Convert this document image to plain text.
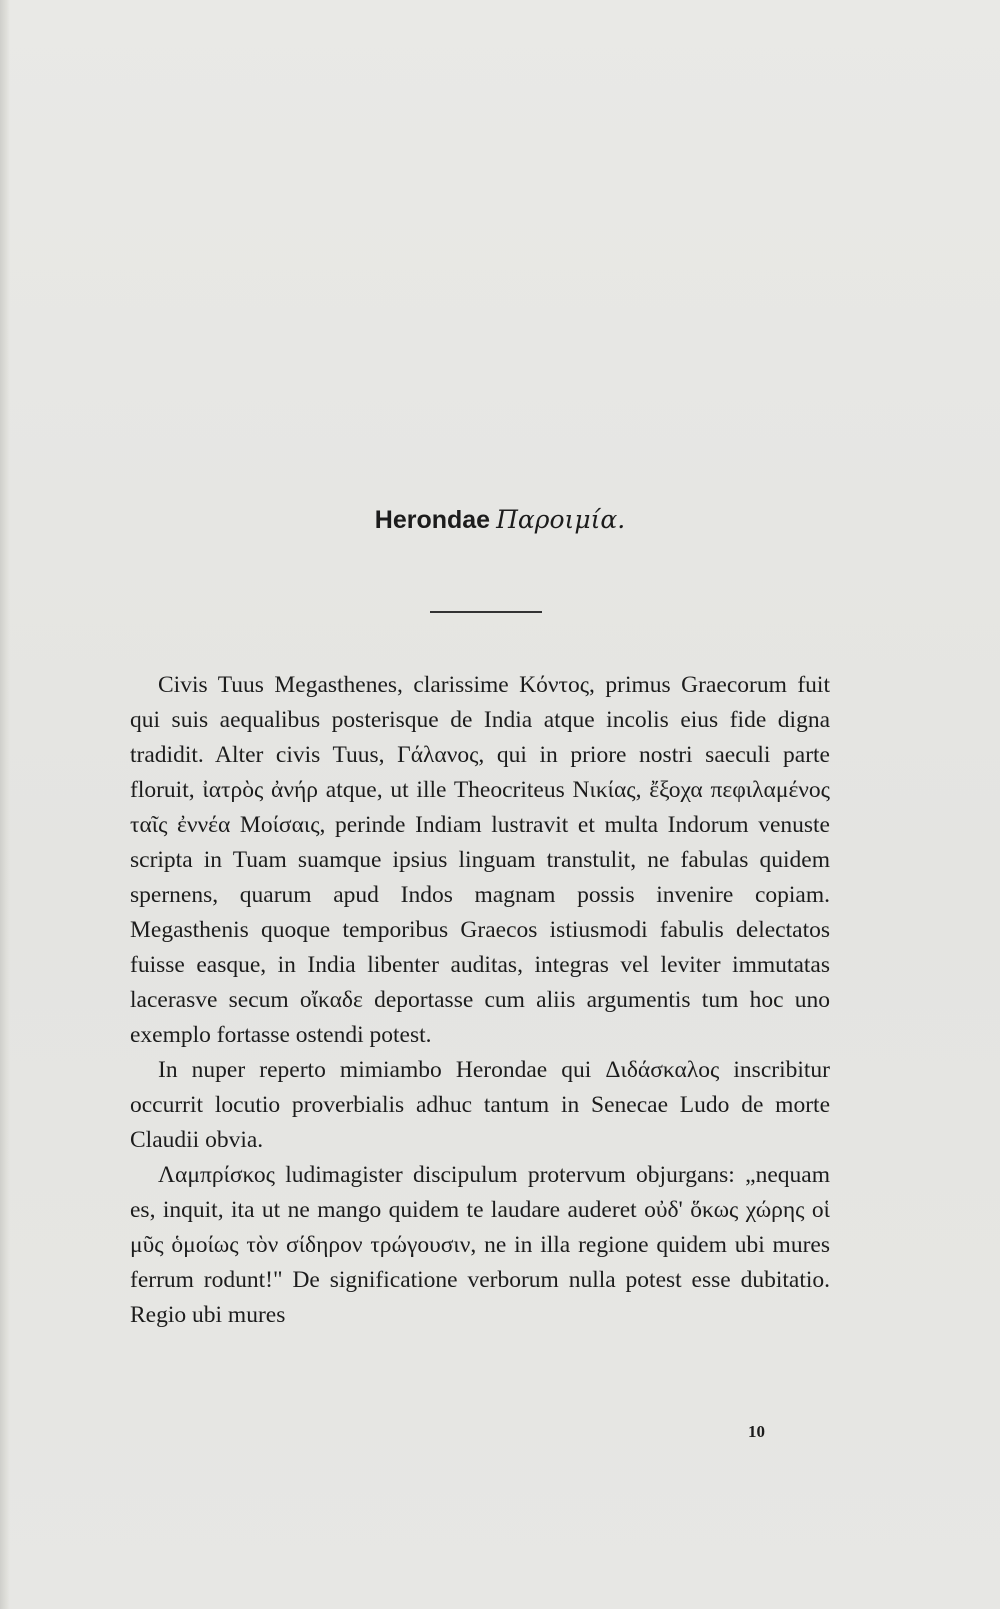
Herondae Παροιμία.

Civis Tuus Megasthenes, clarissime Κόντος, primus Graecorum fuit qui suis aequalibus posterisque de India atque incolis eius fide digna tradidit. Alter civis Tuus, Γάλανος, qui in priore nostri saeculi parte floruit, ἰατρὸς ἀνήρ atque, ut ille Theocriteus Νικίας, ἔξοχα πεφιλαμένος ταῖς ἐννέα Μοίσαις, perinde Indiam lustravit et multa Indorum venuste scripta in Tuam suamque ipsius linguam transtulit, ne fabulas quidem spernens, quarum apud Indos magnam possis invenire copiam. Megasthenis quoque temporibus Graecos istiusmodi fabulis delectatos fuisse easque, in India libenter auditas, integras vel leviter immutatas lacerasve secum οἴκαδε deportasse cum aliis argumentis tum hoc uno exemplo fortasse ostendi potest.

In nuper reperto mimiambo Herondae qui Διδάσκαλος inscribitur occurrit locutio proverbialis adhuc tantum in Senecae Ludo de morte Claudii obvia.

Λαμπρίσκος ludimagister discipulum protervum objurgans: „nequam es, inquit, ita ut ne mango quidem te laudare auderet οὐδ' ὅκως χώρης οἱ μῦς ὁμοίως τὸν σίδηρον τρώγουσιν, ne in illa regione quidem ubi mures ferrum rodunt!" De significatione verborum nulla potest esse dubitatio. Regio ubi mures

10
